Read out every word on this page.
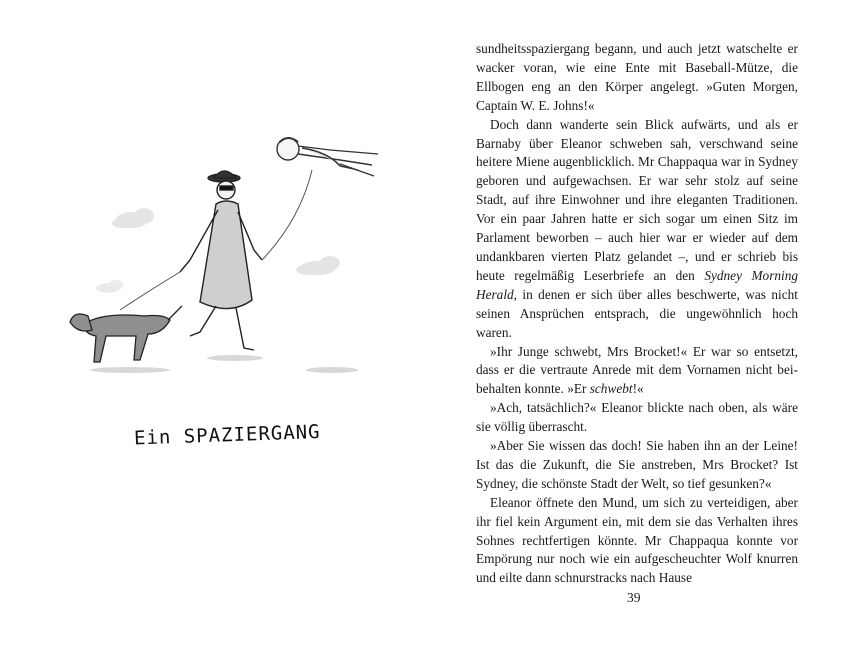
Ein SPAZIERGANG

sundheitsspaziergang begann, und auch jetzt watschelte er wacker voran, wie eine Ente mit Baseball-Mütze, die Ellbogen eng an den Körper angelegt. »Guten Morgen, Captain W. E. Johns!«

Doch dann wanderte sein Blick aufwärts, und als er Barnaby über Eleanor schweben sah, verschwand seine heitere Miene augenblicklich. Mr Chappaqua war in Sydney geboren und aufgewachsen. Er war sehr stolz auf seine Stadt, auf ihre Einwohner und ihre eleganten Traditionen. Vor ein paar Jahren hatte er sich sogar um einen Sitz im Parlament beworben – auch hier war er wieder auf dem undankbaren vierten Platz gelandet –, und er schrieb bis heute regelmäßig Leserbriefe an den Sydney Morning Herald, in denen er sich über alles beschwerte, was nicht seinen Ansprüchen entsprach, die ungewöhnlich hoch waren.

»Ihr Junge schwebt, Mrs Brocket!« Er war so entsetzt, dass er die vertraute Anrede mit dem Vornamen nicht beibehalten konnte. »Er schwebt!«

»Ach, tatsächlich?« Eleanor blickte nach oben, als wäre sie völlig überrascht.

»Aber Sie wissen das doch! Sie haben ihn an der Leine! Ist das die Zukunft, die Sie anstreben, Mrs Brocket? Ist Sydney, die schönste Stadt der Welt, so tief gesunken?«

Eleanor öffnete den Mund, um sich zu verteidigen, aber ihr fiel kein Argument ein, mit dem sie das Verhalten ihres Sohnes rechtfertigen könnte. Mr Chappaqua konnte vor Empörung nur noch wie ein aufgescheuchter Wolf knurren und eilte dann schnurstracks nach Hause

39
